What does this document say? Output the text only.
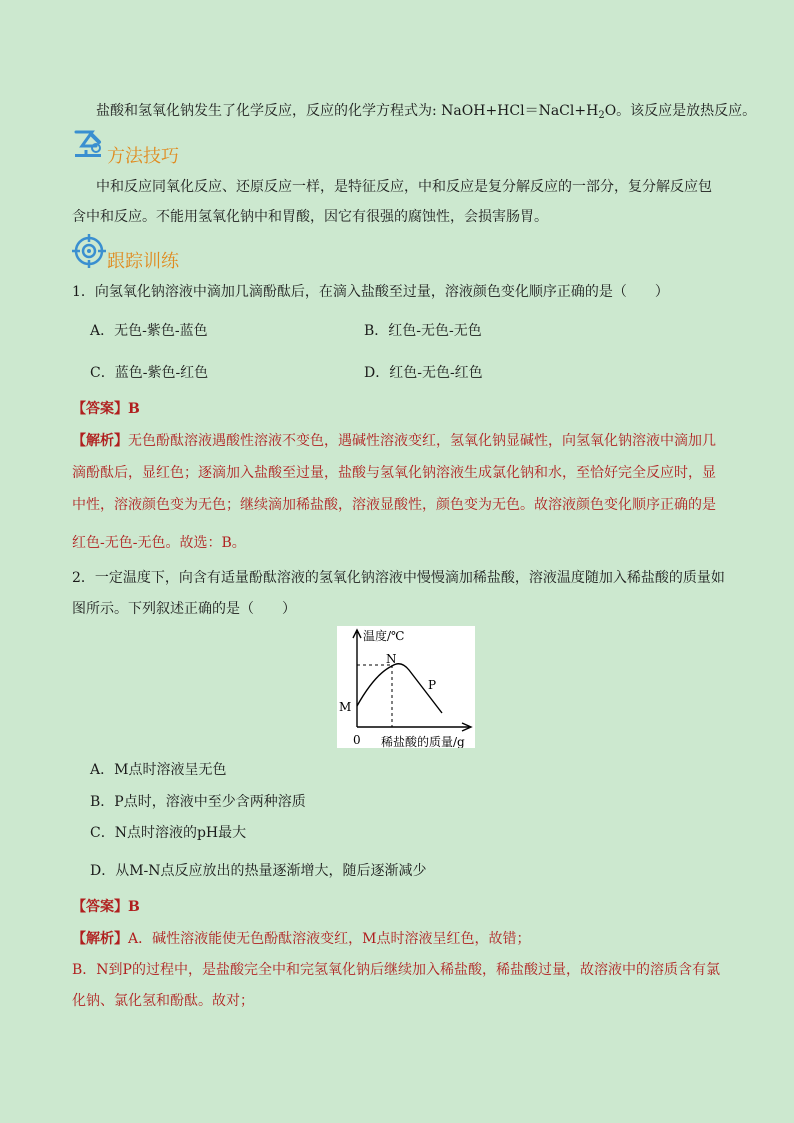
盐酸和氢氧化钠发生了化学反应，反应的化学方程式为: $NaOH+HCl=NaCl+H_2O$。该反应是放热反应。
方法技巧
中和反应同氧化反应、还原反应一样，是特征反应，中和反应是复分解反应的一部分，复分解反应包
含中和反应。不能用氢氧化钠中和胃酸，因它有很强的腐蚀性，会损害肠胃。
跟踪训练
1．向氢氧化钠溶液中滴加几滴酚酞后，在滴入盐酸至过量，溶液颜色变化顺序正确的是（　　）
A．无色-紫色-蓝色	B．红色-无色-无色
C．蓝色-紫色-红色	D．红色-无色-红色
【答案】B
【解析】无色酚酞溶液遇酸性溶液不变色，遇碱性溶液变红，氢氧化钠显碱性，向氢氧化钠溶液中滴加几
滴酚酞后，显红色；逐滴加入盐酸至过量，盐酸与氢氧化钠溶液生成氯化钠和水，至恰好完全反应时，显
中性，溶液颜色变为无色；继续滴加稀盐酸，溶液显酸性，颜色变为无色。故溶液颜色变化顺序正确的是
红色-无色-无色。故选：B。
2．一定温度下，向含有适量酚酞溶液的氢氧化钠溶液中慢慢滴加稀盐酸，溶液温度随加入稀盐酸的质量如
图所示。下列叙述正确的是（　　）
温度/℃
N
P
M
0 稀盐酸的质量/g
A．M点时溶液呈无色
B．P点时，溶液中至少含两种溶质
C．N点时溶液的pH最大
D．从M-N点反应放出的热量逐渐增大，随后逐渐减少
【答案】B
【解析】A．碱性溶液能使无色酚酞溶液变红，M点时溶液呈红色，故错；
B．N到P的过程中，是盐酸完全中和完氢氧化钠后继续加入稀盐酸，稀盐酸过量，故溶液中的溶质含有氯
化钠、氯化氢和酚酞。故对；
